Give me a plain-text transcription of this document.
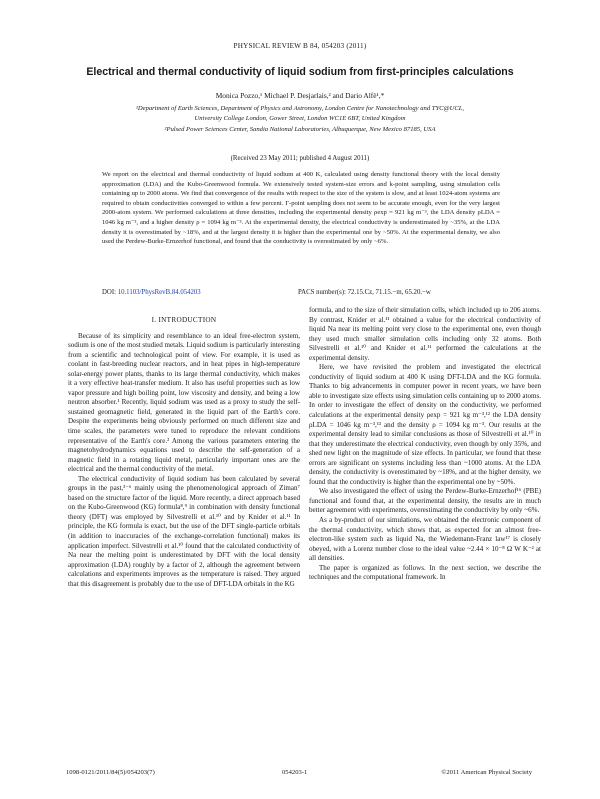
PHYSICAL REVIEW B 84, 054203 (2011)
Electrical and thermal conductivity of liquid sodium from first-principles calculations
Monica Pozzo,¹ Michael P. Desjarlais,² and Dario Alfè¹,*
¹Department of Earth Sciences, Department of Physics and Astronomy, London Centre for Nanotechnology and TYC@UCL,
University College London, Gower Street, London WC1E 6BT, United Kingdom
²Pulsed Power Sciences Center, Sandia National Laboratories, Albuquerque, New Mexico 87185, USA
(Received 23 May 2011; published 4 August 2011)
We report on the electrical and thermal conductivity of liquid sodium at 400 K, calculated using density functional theory with the local density approximation (LDA) and the Kubo-Greenwood formula. We extensively tested system-size errors and k-point sampling, using simulation cells containing up to 2000 atoms. We find that convergence of the results with respect to the size of the system is slow, and at least 1024-atom systems are required to obtain conductivities converged to within a few percent. Γ-point sampling does not seem to be accurate enough, even for the very largest 2000-atom system. We performed calculations at three densities, including the experimental density ρexp = 921 kg m⁻³, the LDA density ρLDA = 1046 kg m⁻³, and a higher density ρ = 1094 kg m⁻³. At the experimental density, the electrical conductivity is underestimated by ~35%, at the LDA density it is overestimated by ~18%, and at the largest density it is higher than the experimental one by ~50%. At the experimental density, we also used the Perdew-Burke-Ernzerhof functional, and found that the conductivity is overestimated by only ~6%.
DOI: 10.1103/PhysRevB.84.054203	PACS number(s): 72.15.Cz, 71.15.−m, 65.20.−w
I. INTRODUCTION

Because of its simplicity and resemblance to an ideal free-electron system, sodium is one of the most studied metals. Liquid sodium is particularly interesting from a scientific and technological point of view. For example, it is used as coolant in fast-breeding nuclear reactors, and in heat pipes in high-temperature solar-energy power plants, thanks to its large thermal conductivity, which makes it a very effective heat-transfer medium. It also has useful properties such as low vapor pressure and high boiling point, low viscosity and density, and being a low neutron absorber.¹ Recently, liquid sodium was used as a proxy to study the self-sustained geomagnetic field, generated in the liquid part of the Earth's core. Despite the experiments being obviously performed on much different size and time scales, the parameters were tuned to reproduce the relevant conditions representative of the Earth's core.² Among the various parameters entering the magnetohydrodynamics equations used to describe the self-generation of a magnetic field in a rotating liquid metal, particularly important ones are the electrical and the thermal conductivity of the metal.

The electrical conductivity of liquid sodium has been calculated by several groups in the past,³⁻⁶ mainly using the phenomenological approach of Ziman⁷ based on the structure factor of the liquid. More recently, a direct approach based on the Kubo-Greenwood (KG) formula⁸,⁹ in combination with density functional theory (DFT) was employed by Silvestrelli et al.¹⁰ and by Knider et al.¹¹ In principle, the KG formula is exact, but the use of the DFT single-particle orbitals (in addition to inaccuracies of the exchange-correlation functional) makes its application imperfect. Silvestrelli et al.¹⁰ found that the calculated conductivity of Na near the melting point is underestimated by DFT with the local density approximation (LDA) roughly by a factor of 2, although the agreement between calculations and experiments improves as the temperature is raised. They argued that this disagreement is probably due to the use of DFT-LDA orbitals in the KG

formula, and to the size of their simulation cells, which included up to 206 atoms. By contrast, Knider et al.¹¹ obtained a value for the electrical conductivity of liquid Na near its melting point very close to the experimental one, even though they used much smaller simulation cells including only 32 atoms. Both Silvestrelli et al.¹⁰ and Knider et al.¹¹ performed the calculations at the experimental density.

Here, we have revisited the problem and investigated the electrical conductivity of liquid sodium at 400 K using DFT-LDA and the KG formula. Thanks to big advancements in computer power in recent years, we have been able to investigate size effects using simulation cells containing up to 2000 atoms. In order to investigate the effect of density on the conductivity, we performed calculations at the experimental density ρexp = 921 kg m⁻³,¹² the LDA density ρLDA = 1046 kg m⁻³,¹³ and the density ρ = 1094 kg m⁻³. Our results at the experimental density lead to similar conclusions as those of Silvestrelli et al.¹⁰ in that they underestimate the electrical conductivity, even though by only 35%, and shed new light on the magnitude of size effects. In particular, we found that these errors are significant on systems including less than ~1000 atoms. At the LDA density, the conductivity is overestimated by ~18%, and at the higher density, we found that the conductivity is higher than the experimental one by ~50%.

We also investigated the effect of using the Perdew-Burke-Ernzerhof¹⁶ (PBE) functional and found that, at the experimental density, the results are in much better agreement with experiments, overestimating the conductivity by only ~6%.

As a by-product of our simulations, we obtained the electronic component of the thermal conductivity, which shows that, as expected for an almost free-electron-like system such as liquid Na, the Wiedemann-Franz law¹⁷ is closely obeyed, with a Lorenz number close to the ideal value ~2.44 × 10⁻⁸ Ω W K⁻² at all densities.

The paper is organized as follows. In the next section, we describe the techniques and the computational framework. In

1098-0121/2011/84(5)/054203(7)	054203-1	©2011 American Physical Society
